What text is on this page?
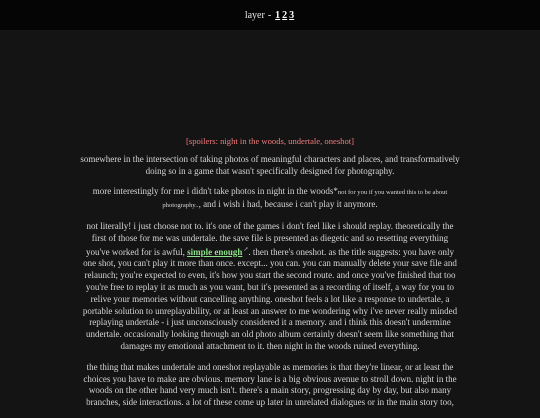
layer - 1 2 3
[spoilers: night in the woods, undertale, oneshot]

somewhere in the intersection of taking photos of meaningful characters and places, and transformatively doing so in a game that wasn't specifically designed for photography.

more interestingly for me i didn't take photos in night in the woods*not for you if you wanted this to be about photography.., and i wish i had, because i can't play it anymore.

not literally! i just choose not to. it's one of the games i don't feel like i should replay. theoretically the first of those for me was undertale. the save file is presented as diegetic and so resetting everything you've worked for is awful, simple enough↗. then there's oneshot. as the title suggests: you have only one shot, you can't play it more than once. except... you can. you can manually delete your save file and relaunch; you're expected to even, it's how you start the second route. and once you've finished that too you're free to replay it as much as you want, but it's presented as a recording of itself, a way for you to relive your memories without cancelling anything. oneshot feels a lot like a response to undertale, a portable solution to unreplayability, or at least an answer to me wondering why i've never really minded replaying undertale - i just unconsciously considered it a memory. and i think this doesn't undermine undertale. occasionally looking through an old photo album certainly doesn't seem like something that damages my emotional attachment to it. then night in the woods ruined everything.

the thing that makes undertale and oneshot replayable as memories is that they're linear, or at least the choices you have to make are obvious. memory lane is a big obvious avenue to stroll down. night in the woods on the other hand very much isn't. there's a main story, progressing day by day, but also many branches, side interactions. a lot of these come up later in unrelated dialogues or in the main story too,
